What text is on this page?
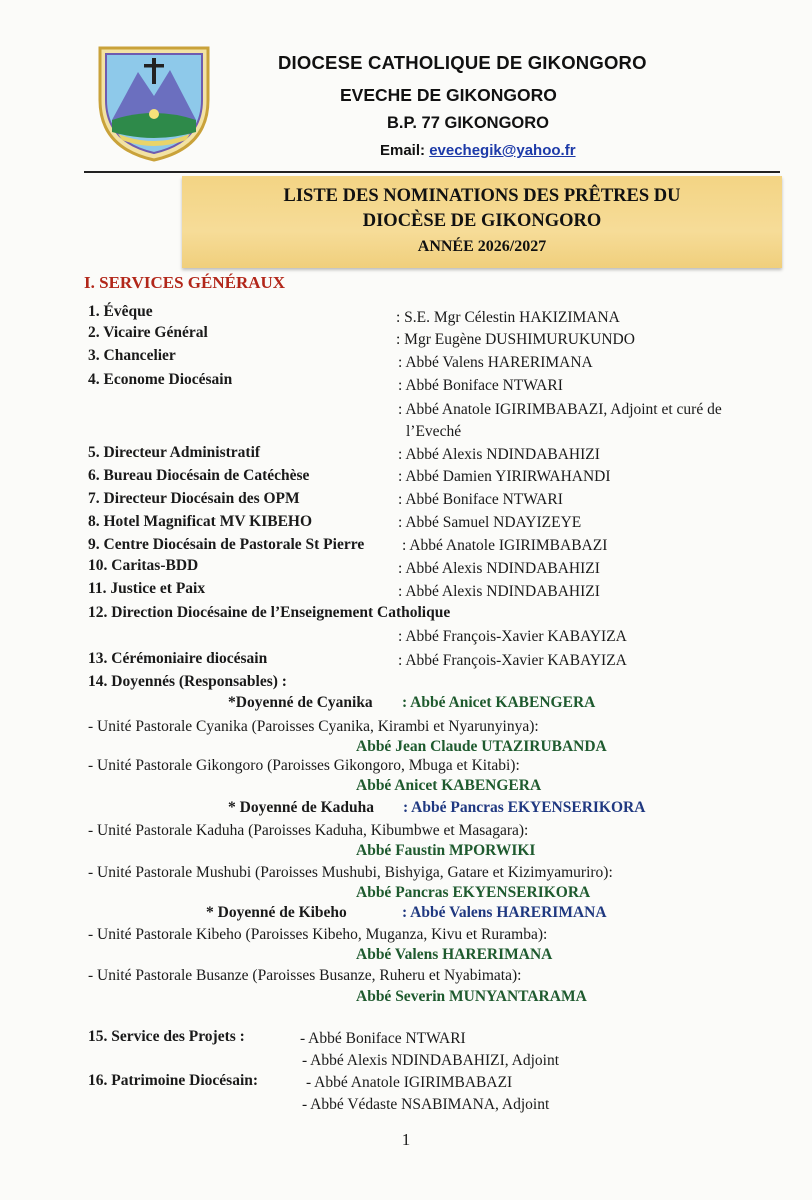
DIOCESE CATHOLIQUE DE GIKONGORO
EVECHE DE GIKONGORO
B.P. 77 GIKONGORO
Email: evechegik@yahoo.fr
LISTE DES NOMINATIONS DES PRÊTRES DU
DIOCÈSE DE GIKONGORO
ANNÉE 2026/2027
I. SERVICES GÉNÉRAUX
1. Évêque	: S.E. Mgr Célestin HAKIZIMANA
2. Vicaire Général	: Mgr Eugène DUSHIMURUKUNDO
3. Chancelier	: Abbé Valens HARERIMANA
4. Econome Diocésain	: Abbé Boniface NTWARI
: Abbé Anatole IGIRIMBABAZI, Adjoint et curé de
l’Eveché
5. Directeur Administratif	: Abbé Alexis NDINDABAHIZI
6. Bureau Diocésain de Catéchèse	: Abbé Damien YIRIRWAHANDI
7. Directeur Diocésain des OPM	: Abbé Boniface NTWARI
8. Hotel Magnificat MV KIBEHO	: Abbé Samuel NDAYIZEYE
9. Centre Diocésain de Pastorale St Pierre : Abbé Anatole IGIRIMBABAZI
10. Caritas-BDD	: Abbé Alexis NDINDABAHIZI
11. Justice et Paix	: Abbé Alexis NDINDABAHIZI
12. Direction Diocésaine de l’Enseignement Catholique
: Abbé François-Xavier KABAYIZA
13. Cérémoniaire diocésain	: Abbé François-Xavier KABAYIZA
14. Doyennés (Responsables) :
*Doyenné de Cyanika : Abbé Anicet KABENGERA
- Unité Pastorale Cyanika (Paroisses Cyanika, Kirambi et Nyarunyinya):
Abbé Jean Claude UTAZIRUBANDA
- Unité Pastorale Gikongoro (Paroisses Gikongoro, Mbuga et Kitabi):
Abbé Anicet KABENGERA
* Doyenné de Kaduha : Abbé Pancras EKYENSERIKORA
- Unité Pastorale Kaduha (Paroisses Kaduha, Kibumbwe et Masagara):
Abbé Faustin MPORWIKI
- Unité Pastorale Mushubi (Paroisses Mushubi, Bishyiga, Gatare et Kizimyamuriro):
Abbé Pancras EKYENSERIKORA
* Doyenné de Kibeho	: Abbé Valens HARERIMANA
- Unité Pastorale Kibeho (Paroisses Kibeho, Muganza, Kivu et Ruramba):
Abbé Valens HARERIMANA
- Unité Pastorale Busanze (Paroisses Busanze, Ruheru et Nyabimata):
Abbé Severin MUNYANTARAMA
15. Service des Projets :	- Abbé Boniface NTWARI
- Abbé Alexis NDINDABAHIZI, Adjoint
16. Patrimoine Diocésain:	- Abbé Anatole IGIRIMBABAZI
- Abbé Védaste NSABIMANA, Adjoint
1
